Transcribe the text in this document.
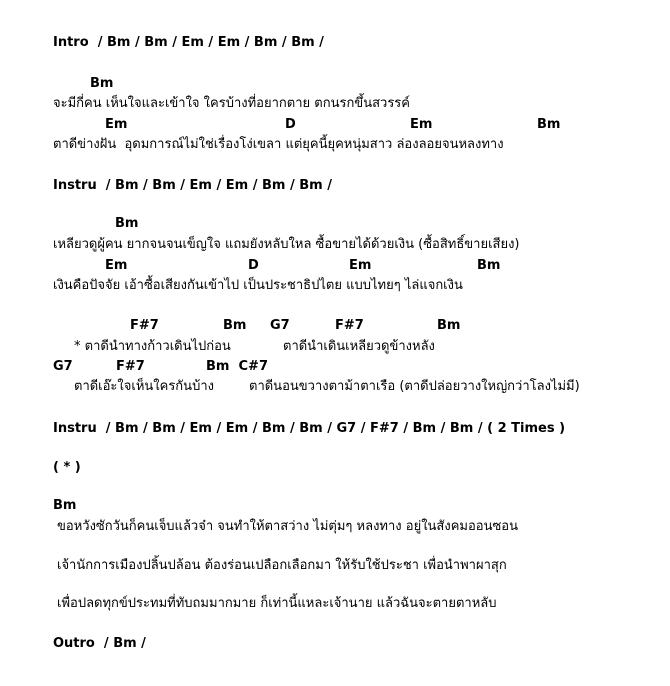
Intro  / Bm / Bm / Em / Em / Bm / Bm /
Bm
จะมีกี่คน เห็นใจและเข้าใจ ใครบ้างที่อยากตาย ตกนรกขึ้นสวรรค์
Em	D	Em	Bm
ตาดีข่างฝัน  อุดมการณ์ไม่ใช่เรื่องโง่เขลา แต่ยุคนี้ยุคหนุ่มสาว ล่องลอยจนหลงทาง
Instru  / Bm / Bm / Em / Em / Bm / Bm /
Bm
เหลียวดูผู้คน ยากจนจนเข็ญใจ แถมยังหลับใหล ซื้อขายได้ด้วยเงิน (ซื้อสิทธิ์ขายเสียง)
Em	D	Em	Bm
เงินคือปัจจัย เอ้าซื้อเสียงกันเข้าไป เป็นประชาธิปไตย แบบไทยๆ ไล่แจกเงิน
F#7	Bm G7	F#7	Bm
* ตาดีนำทางก้าวเดินไปก่อน	ตาดีนำเดินเหลียวดูข้างหลัง
G7	F#7	Bm  C#7
ตาดีเอ๊ะใจเห็นใครกันบ้าง	ตาดีนอนขวางตาม้าตาเรือ (ตาดีปล่อยวางใหญ่กว่าโลงไม่มี)
Instru  / Bm / Bm / Em / Em / Bm / Bm / G7 / F#7 / Bm / Bm / ( 2 Times )
( * )
Bm
ขอหวังซักวันก็คนเจ็บแล้วจ๋า จนทำให้ตาสว่าง ไม่ตุ่มๆ หลงทาง อยู่ในสังคมออนซอน
เจ้านักการเมืองปลิ้นปล้อน ต้องร่อนเปลือกเลือกมา ให้รับใช้ประชา เพื่อนำพาผาสุก
เพื่อปลดทุกข์ประทมที่ทับถมมากมาย ก็เท่านี้แหละเจ้านาย แล้วฉันจะตายตาหลับ
Outro  / Bm /
